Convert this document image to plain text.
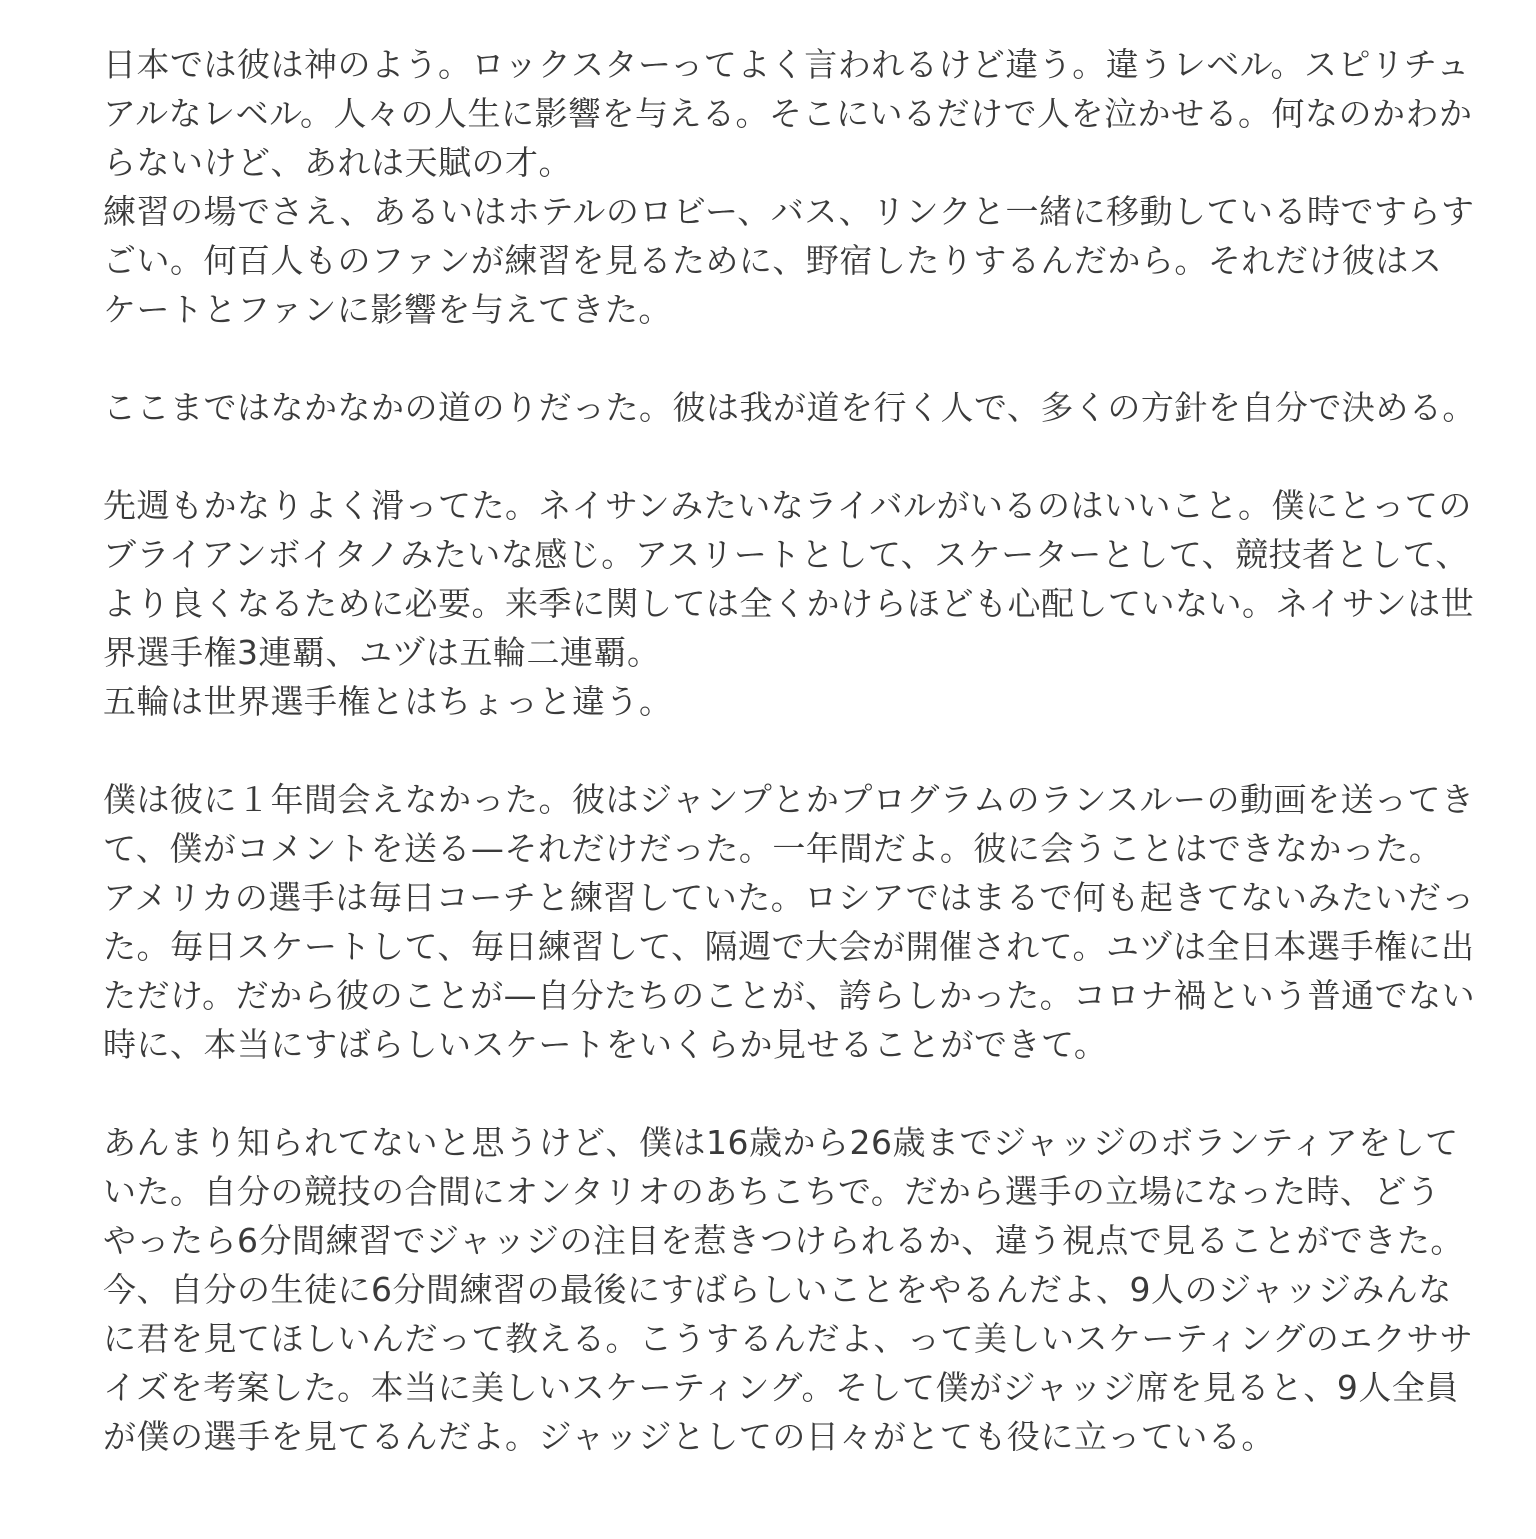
日本では彼は神のよう。ロックスターってよく言われるけど違う。違うレベル。スピリチュ
アルなレベル。人々の人生に影響を与える。そこにいるだけで人を泣かせる。何なのかわか
らないけど、あれは天賦の才。
練習の場でさえ、あるいはホテルのロビー、バス、リンクと一緒に移動している時ですらす
ごい。何百人ものファンが練習を見るために、野宿したりするんだから。それだけ彼はス
ケートとファンに影響を与えてきた。
ここまではなかなかの道のりだった。彼は我が道を行く人で、多くの方針を自分で決める。
先週もかなりよく滑ってた。ネイサンみたいなライバルがいるのはいいこと。僕にとっての
ブライアンボイタノみたいな感じ。アスリートとして、スケーターとして、競技者として、
より良くなるために必要。来季に関しては全くかけらほども心配していない。ネイサンは世
界選手権3連覇、ユヅは五輪二連覇。
五輪は世界選手権とはちょっと違う。
僕は彼に１年間会えなかった。彼はジャンプとかプログラムのランスルーの動画を送ってき
て、僕がコメントを送る—それだけだった。一年間だよ。彼に会うことはできなかった。
アメリカの選手は毎日コーチと練習していた。ロシアではまるで何も起きてないみたいだっ
た。毎日スケートして、毎日練習して、隔週で大会が開催されて。ユヅは全日本選手権に出
ただけ。だから彼のことが—自分たちのことが、誇らしかった。コロナ禍という普通でない
時に、本当にすばらしいスケートをいくらか見せることができて。
あんまり知られてないと思うけど、僕は16歳から26歳までジャッジのボランティアをして
いた。自分の競技の合間にオンタリオのあちこちで。だから選手の立場になった時、どう
やったら6分間練習でジャッジの注目を惹きつけられるか、違う視点で見ることができた。
今、自分の生徒に6分間練習の最後にすばらしいことをやるんだよ、9人のジャッジみんな
に君を見てほしいんだって教える。こうするんだよ、って美しいスケーティングのエクササ
イズを考案した。本当に美しいスケーティング。そして僕がジャッジ席を見ると、9人全員
が僕の選手を見てるんだよ。ジャッジとしての日々がとても役に立っている。
